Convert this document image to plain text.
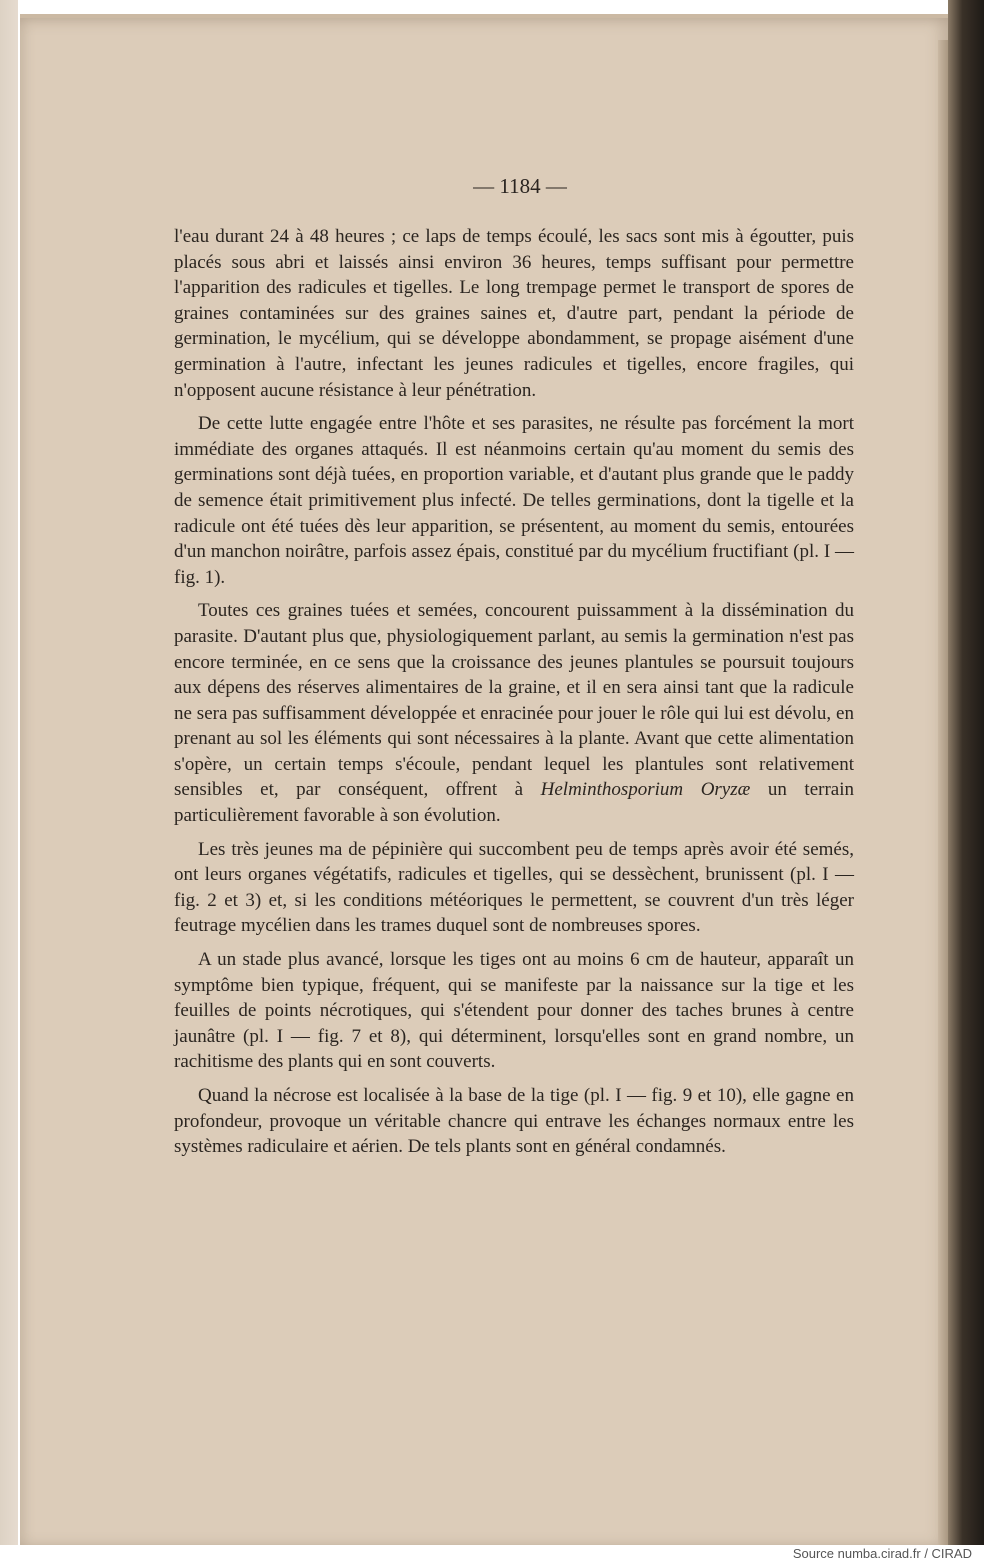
— 1184 —

l'eau durant 24 à 48 heures ; ce laps de temps écoulé, les sacs sont mis à égoutter, puis placés sous abri et laissés ainsi environ 36 heures, temps suffisant pour permettre l'apparition des radicules et tigelles. Le long trempage permet le transport de spores de graines contaminées sur des graines saines et, d'autre part, pendant la période de germination, le mycélium, qui se développe abondamment, se propage aisément d'une germination à l'autre, infectant les jeunes radicules et tigelles, encore fragiles, qui n'opposent aucune résistance à leur pénétration.

De cette lutte engagée entre l'hôte et ses parasites, ne résulte pas forcément la mort immédiate des organes attaqués. Il est néanmoins certain qu'au moment du semis des germinations sont déjà tuées, en proportion variable, et d'autant plus grande que le paddy de semence était primitivement plus infecté. De telles germinations, dont la tigelle et la radicule ont été tuées dès leur apparition, se présentent, au moment du semis, entourées d'un manchon noirâtre, parfois assez épais, constitué par du mycélium fructifiant (pl. I — fig. 1).

Toutes ces graines tuées et semées, concourent puissamment à la dissémination du parasite. D'autant plus que, physiologiquement parlant, au semis la germination n'est pas encore terminée, en ce sens que la croissance des jeunes plantules se poursuit toujours aux dépens des réserves alimentaires de la graine, et il en sera ainsi tant que la radicule ne sera pas suffisamment développée et enracinée pour jouer le rôle qui lui est dévolu, en prenant au sol les éléments qui sont nécessaires à la plante. Avant que cette alimentation s'opère, un certain temps s'écoule, pendant lequel les plantules sont relativement sensibles et, par conséquent, offrent à Helminthosporium Oryzæ un terrain particulièrement favorable à son évolution.

Les très jeunes ma de pépinière qui succombent peu de temps après avoir été semés, ont leurs organes végétatifs, radicules et tigelles, qui se dessèchent, brunissent (pl. I — fig. 2 et 3) et, si les conditions météoriques le permettent, se couvrent d'un très léger feutrage mycélien dans les trames duquel sont de nombreuses spores.

A un stade plus avancé, lorsque les tiges ont au moins 6 cm de hauteur, apparaît un symptôme bien typique, fréquent, qui se manifeste par la naissance sur la tige et les feuilles de points nécrotiques, qui s'étendent pour donner des taches brunes à centre jaunâtre (pl. I — fig. 7 et 8), qui déterminent, lorsqu'elles sont en grand nombre, un rachitisme des plants qui en sont couverts.

Quand la nécrose est localisée à la base de la tige (pl. I — fig. 9 et 10), elle gagne en profondeur, provoque un véritable chancre qui entrave les échanges normaux entre les systèmes radiculaire et aérien. De tels plants sont en général condamnés.

Source numba.cirad.fr / CIRAD
